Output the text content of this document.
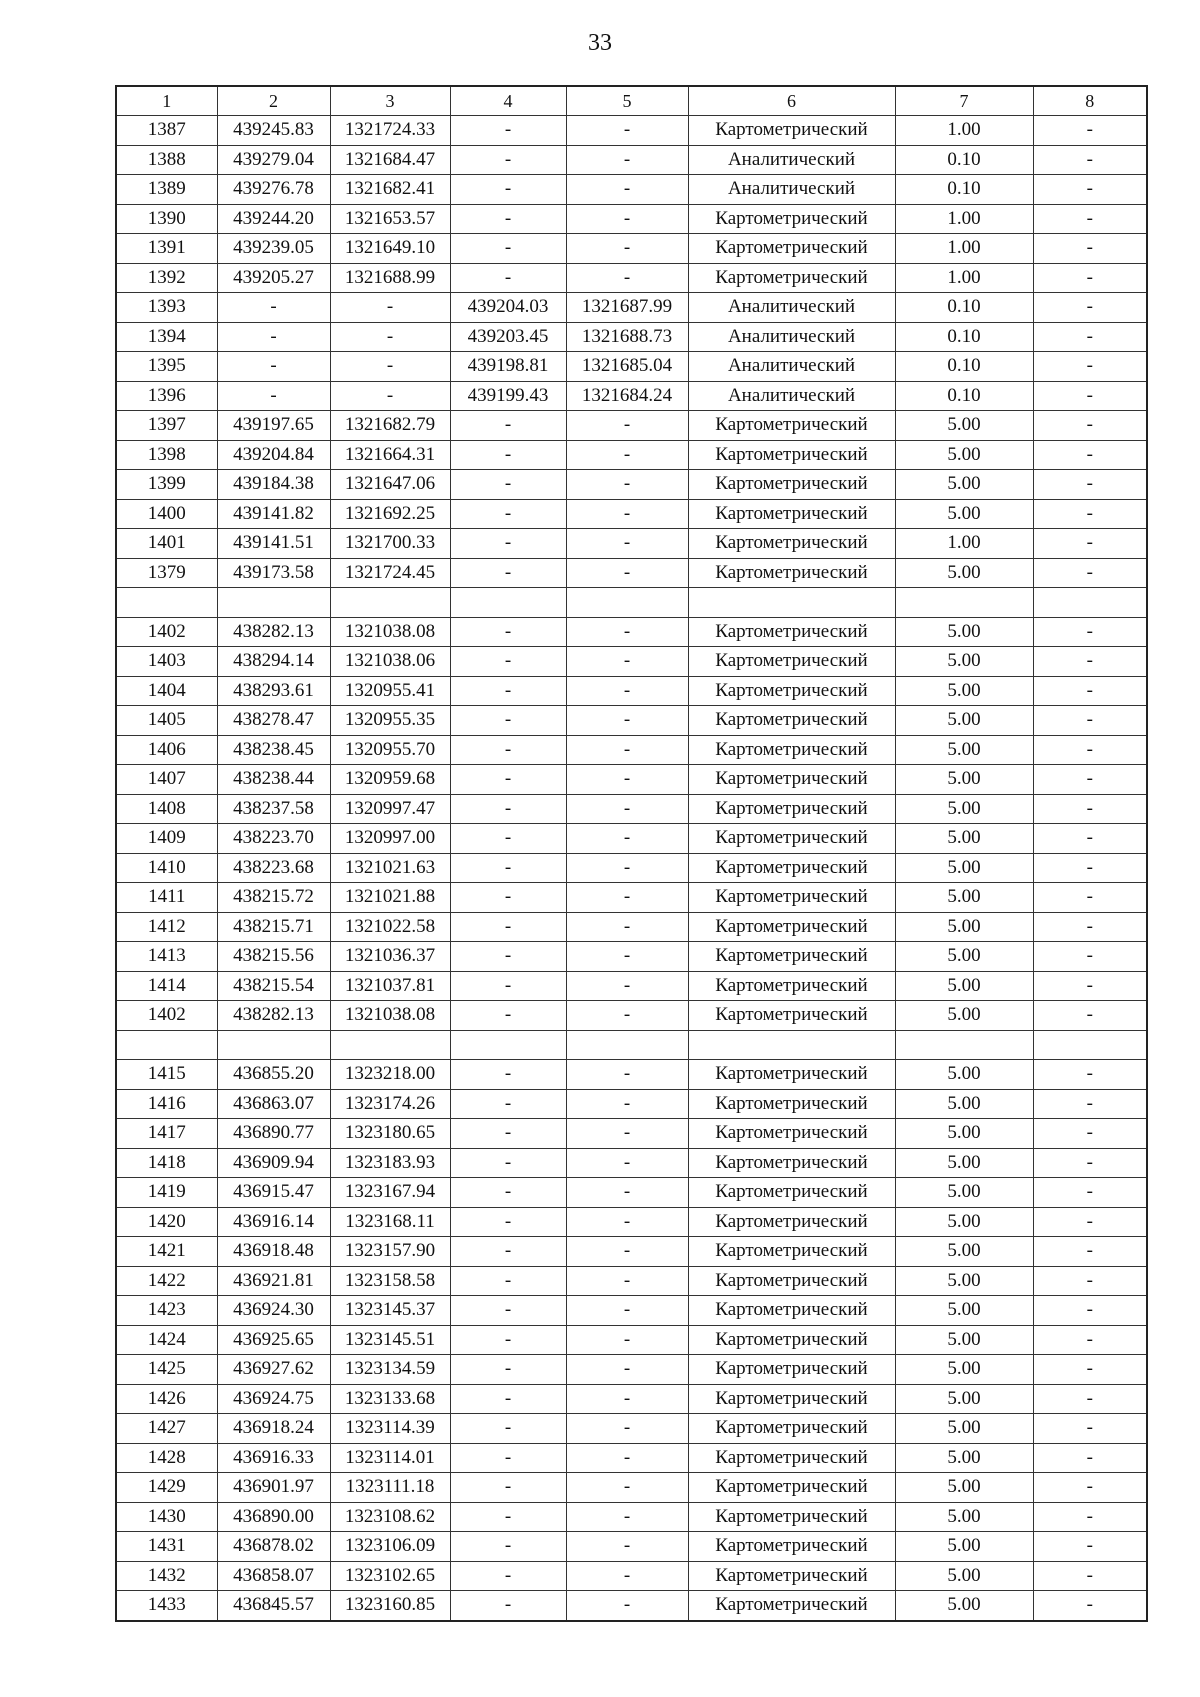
33
1	2	3	4	5	6	7	8
1387	439245.83	1321724.33	-	-	Картометрический	1.00	-
1388	439279.04	1321684.47	-	-	Аналитический	0.10	-
1389	439276.78	1321682.41	-	-	Аналитический	0.10	-
1390	439244.20	1321653.57	-	-	Картометрический	1.00	-
1391	439239.05	1321649.10	-	-	Картометрический	1.00	-
1392	439205.27	1321688.99	-	-	Картометрический	1.00	-
1393	-	-	439204.03	1321687.99	Аналитический	0.10	-
1394	-	-	439203.45	1321688.73	Аналитический	0.10	-
1395	-	-	439198.81	1321685.04	Аналитический	0.10	-
1396	-	-	439199.43	1321684.24	Аналитический	0.10	-
1397	439197.65	1321682.79	-	-	Картометрический	5.00	-
1398	439204.84	1321664.31	-	-	Картометрический	5.00	-
1399	439184.38	1321647.06	-	-	Картометрический	5.00	-
1400	439141.82	1321692.25	-	-	Картометрический	5.00	-
1401	439141.51	1321700.33	-	-	Картометрический	1.00	-
1379	439173.58	1321724.45	-	-	Картометрический	5.00	-

1402	438282.13	1321038.08	-	-	Картометрический	5.00	-
1403	438294.14	1321038.06	-	-	Картометрический	5.00	-
1404	438293.61	1320955.41	-	-	Картометрический	5.00	-
1405	438278.47	1320955.35	-	-	Картометрический	5.00	-
1406	438238.45	1320955.70	-	-	Картометрический	5.00	-
1407	438238.44	1320959.68	-	-	Картометрический	5.00	-
1408	438237.58	1320997.47	-	-	Картометрический	5.00	-
1409	438223.70	1320997.00	-	-	Картометрический	5.00	-
1410	438223.68	1321021.63	-	-	Картометрический	5.00	-
1411	438215.72	1321021.88	-	-	Картометрический	5.00	-
1412	438215.71	1321022.58	-	-	Картометрический	5.00	-
1413	438215.56	1321036.37	-	-	Картометрический	5.00	-
1414	438215.54	1321037.81	-	-	Картометрический	5.00	-
1402	438282.13	1321038.08	-	-	Картометрический	5.00	-

1415	436855.20	1323218.00	-	-	Картометрический	5.00	-
1416	436863.07	1323174.26	-	-	Картометрический	5.00	-
1417	436890.77	1323180.65	-	-	Картометрический	5.00	-
1418	436909.94	1323183.93	-	-	Картометрический	5.00	-
1419	436915.47	1323167.94	-	-	Картометрический	5.00	-
1420	436916.14	1323168.11	-	-	Картометрический	5.00	-
1421	436918.48	1323157.90	-	-	Картометрический	5.00	-
1422	436921.81	1323158.58	-	-	Картометрический	5.00	-
1423	436924.30	1323145.37	-	-	Картометрический	5.00	-
1424	436925.65	1323145.51	-	-	Картометрический	5.00	-
1425	436927.62	1323134.59	-	-	Картометрический	5.00	-
1426	436924.75	1323133.68	-	-	Картометрический	5.00	-
1427	436918.24	1323114.39	-	-	Картометрический	5.00	-
1428	436916.33	1323114.01	-	-	Картометрический	5.00	-
1429	436901.97	1323111.18	-	-	Картометрический	5.00	-
1430	436890.00	1323108.62	-	-	Картометрический	5.00	-
1431	436878.02	1323106.09	-	-	Картометрический	5.00	-
1432	436858.07	1323102.65	-	-	Картометрический	5.00	-
1433	436845.57	1323160.85	-	-	Картометрический	5.00	-
